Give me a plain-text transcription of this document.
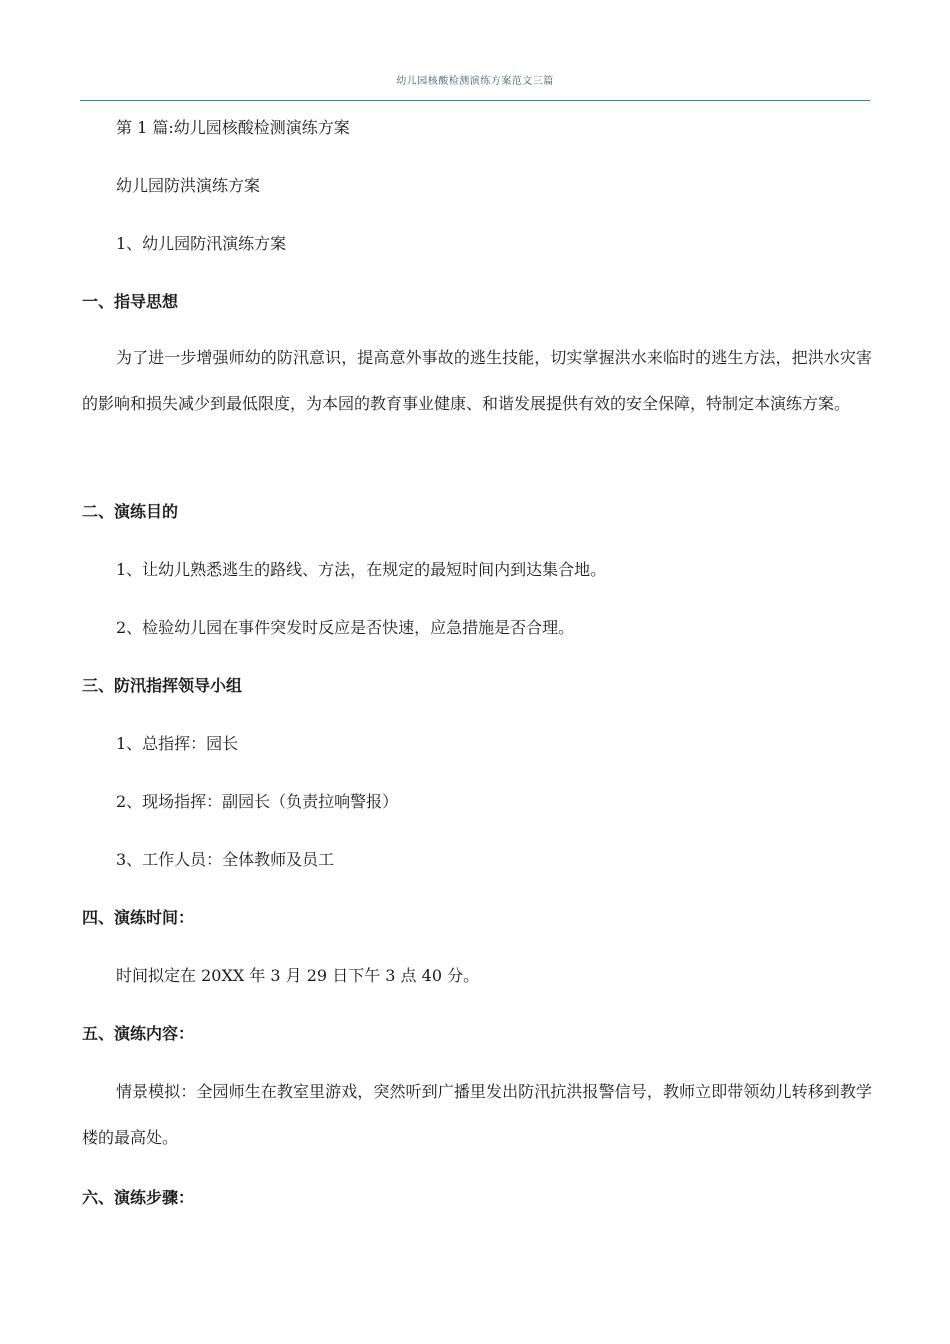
幼儿园核酸检测演练方案范文三篇
第 1 篇:幼儿园核酸检测演练方案
幼儿园防洪演练方案
1、幼儿园防汛演练方案
一、指导思想
为了进一步增强师幼的防汛意识，提高意外事故的逃生技能，切实掌握洪水来临时的逃生方法，把洪水灾害的影响和损失减少到最低限度，为本园的教育事业健康、和谐发展提供有效的安全保障，特制定本演练方案。
二、演练目的
1、让幼儿熟悉逃生的路线、方法，在规定的最短时间内到达集合地。
2、检验幼儿园在事件突发时反应是否快速，应急措施是否合理。
三、防汛指挥领导小组
1、总指挥：园长
2、现场指挥：副园长（负责拉响警报）
3、工作人员：全体教师及员工
四、演练时间：
时间拟定在 20XX 年 3 月 29 日下午 3 点 40 分。
五、演练内容：
情景模拟：全园师生在教室里游戏，突然听到广播里发出防汛抗洪报警信号，教师立即带领幼儿转移到教学楼的最高处。
六、演练步骤：
